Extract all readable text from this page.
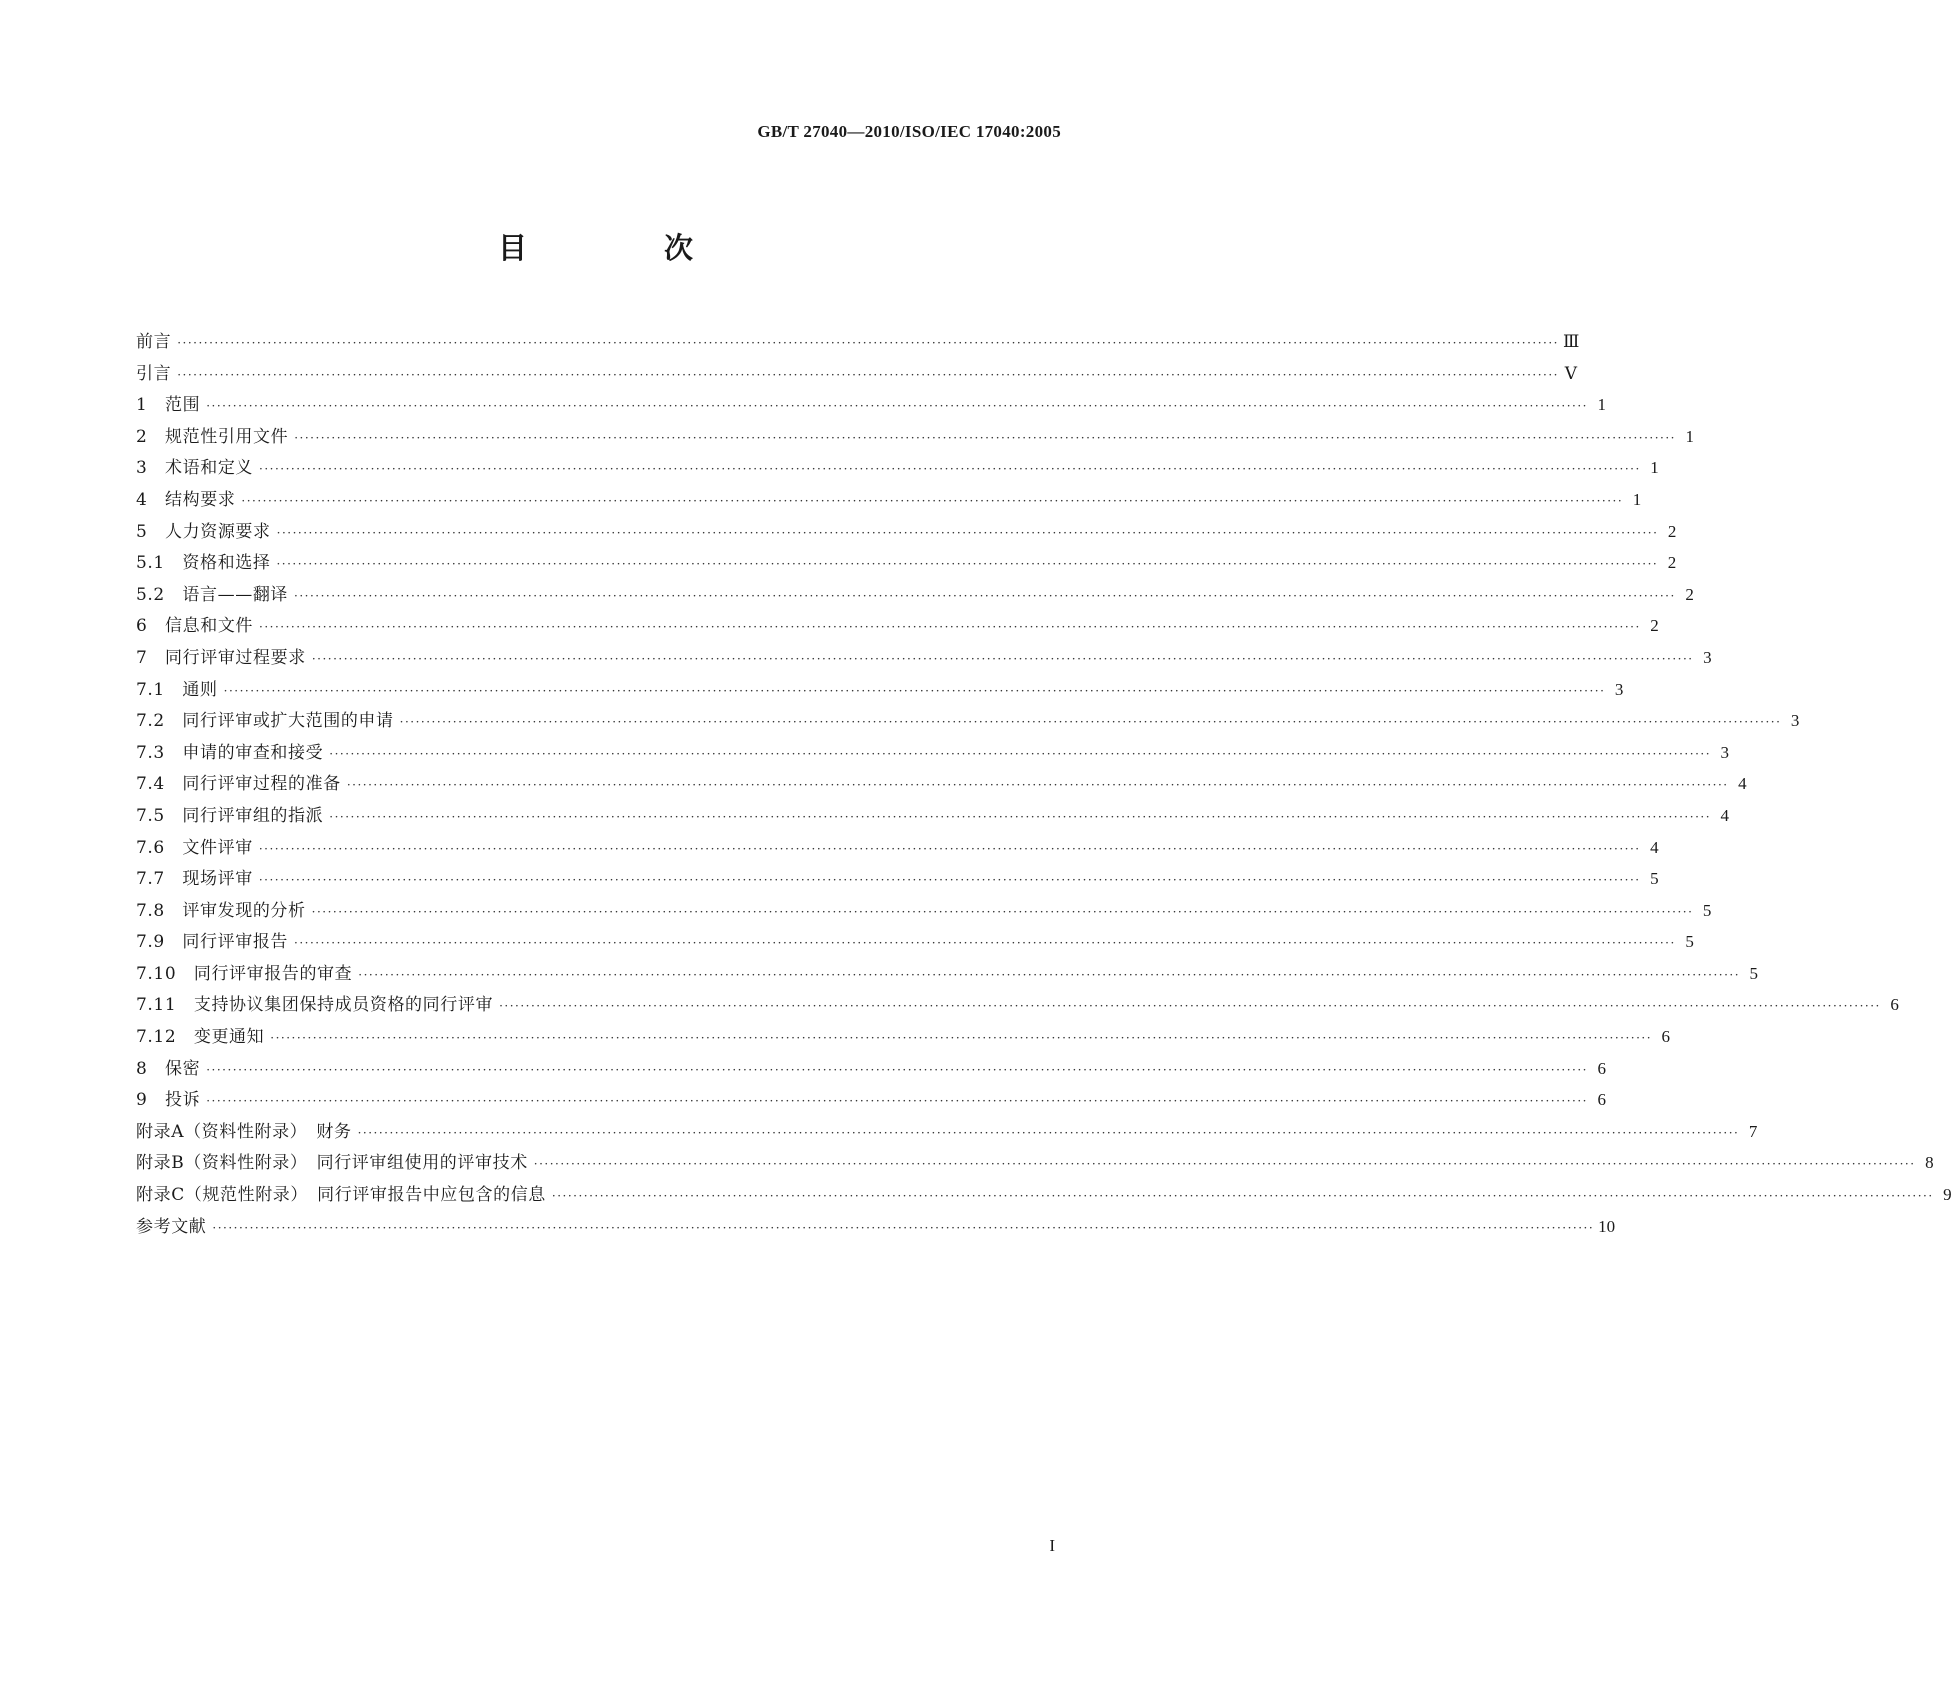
GB/T 27040—2010/ISO/IEC 17040:2005
目　次
前言 ···································································································································································································································································· Ⅲ
引言 ···································································································································································································································································· Ⅴ
1　范围 ···································································································································································································································································· 1
2　规范性引用文件 ···································································································································································································································································· 1
3　术语和定义 ···································································································································································································································································· 1
4　结构要求 ···································································································································································································································································· 1
5　人力资源要求 ···································································································································································································································································· 2
5.1　资格和选择 ···································································································································································································································································· 2
5.2　语言——翻译 ···································································································································································································································································· 2
6　信息和文件 ···································································································································································································································································· 2
7　同行评审过程要求 ···································································································································································································································································· 3
7.1　通则 ···································································································································································································································································· 3
7.2　同行评审或扩大范围的申请 ···································································································································································································································································· 3
7.3　申请的审查和接受 ···································································································································································································································································· 3
7.4　同行评审过程的准备 ···································································································································································································································································· 4
7.5　同行评审组的指派 ···································································································································································································································································· 4
7.6　文件评审 ···································································································································································································································································· 4
7.7　现场评审 ···································································································································································································································································· 5
7.8　评审发现的分析 ···································································································································································································································································· 5
7.9　同行评审报告 ···································································································································································································································································· 5
7.10　同行评审报告的审查 ···································································································································································································································································· 5
7.11　支持协议集团保持成员资格的同行评审 ···································································································································································································································································· 6
7.12　变更通知 ···································································································································································································································································· 6
8　保密 ···································································································································································································································································· 6
9　投诉 ···································································································································································································································································· 6
附录A（资料性附录）　财务 ···································································································································································································································································· 7
附录B（资料性附录）　同行评审组使用的评审技术 ···································································································································································································································································· 8
附录C（规范性附录）　同行评审报告中应包含的信息 ···································································································································································································································································· 9
参考文献 ···································································································································································································································································· 10
I
